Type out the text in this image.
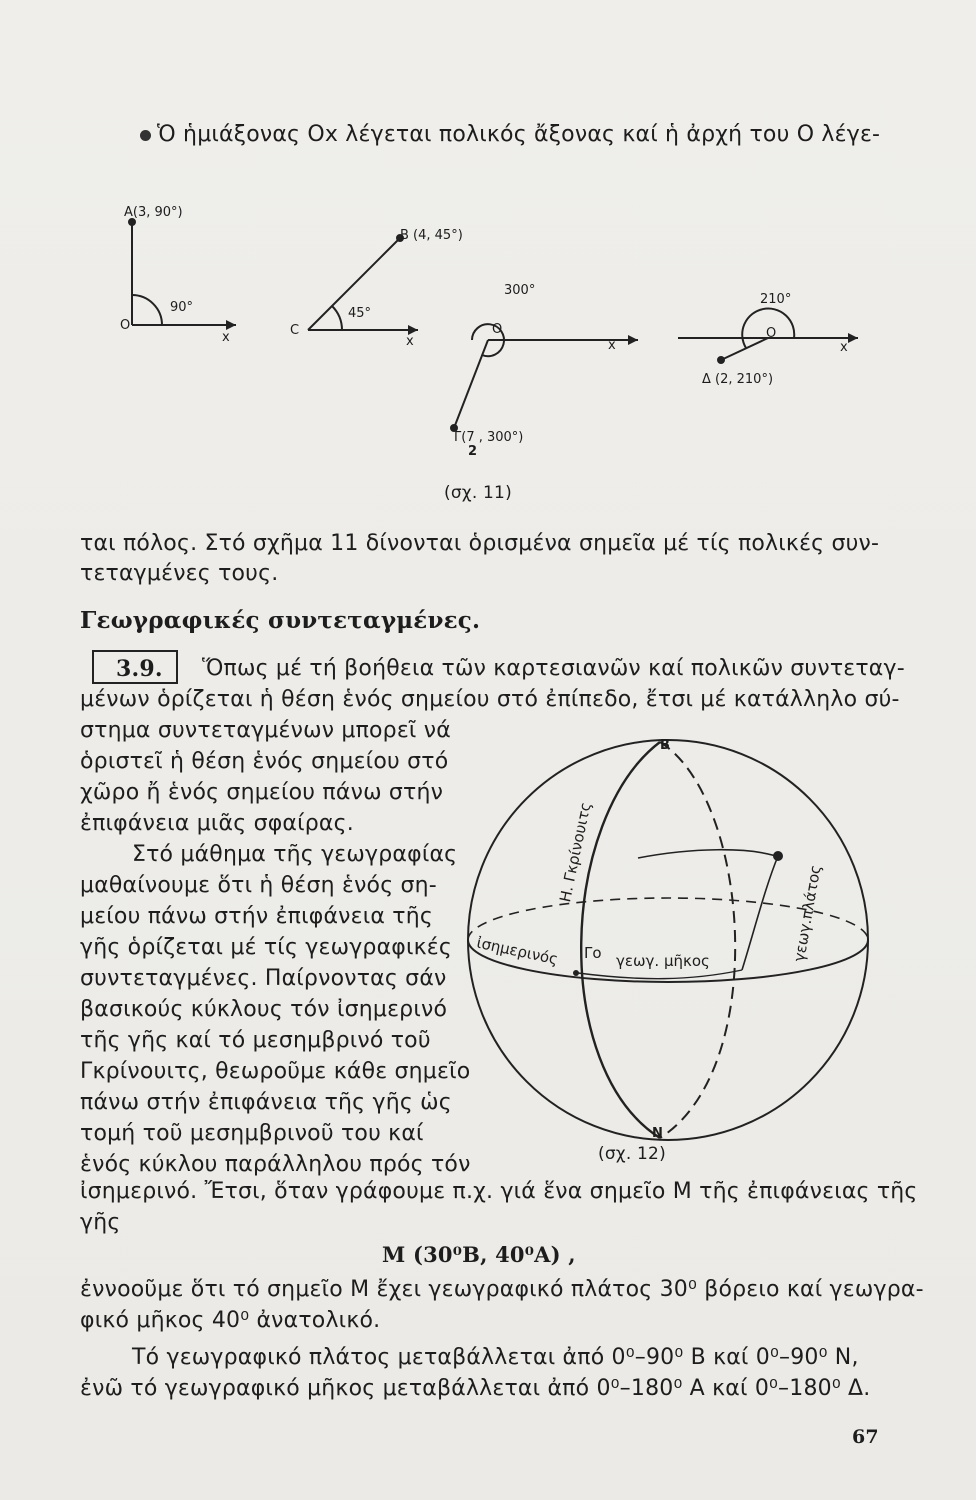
Ὁ ἡμιάξονας Ox λέγεται πολικός ἄξονας καί ἡ ἀρχή του O λέγε-
A(3, 90°)
90°
O
x
B (4, 45°)
45°
C
x
300°
O
x
Γ(7 , 300°)
2
210°
O
x
Δ (2, 210°)
(σχ. 11)
ται πόλος. Στό σχῆμα 11 δίνονται ὁρισμένα σημεῖα μέ τίς πολικές συν-
τεταγμένες τους.
Γεωγραφικές συντεταγμένες.
3.9. Ὅπως μέ τή βοήθεια τῶν καρτεσιανῶν καί πολικῶν συντεταγ-
μένων ὁρίζεται ἡ θέση ἑνός σημείου στό ἐπίπεδο, ἔτσι μέ κατάλληλο σύ-
στημα συντεταγμένων μπορεῖ νά
ὁριστεῖ ἡ θέση ἑνός σημείου στό
χῶρο ἤ ἑνός σημείου πάνω στήν
ἐπιφάνεια μιᾶς σφαίρας.
Στό μάθημα τῆς γεωγραφίας
μαθαίνουμε ὅτι ἡ θέση ἑνός ση-
μείου πάνω στήν ἐπιφάνεια τῆς
γῆς ὁρίζεται μέ τίς γεωγραφικές
συντεταγμένες. Παίρνοντας σάν
βασικούς κύκλους τόν ἰσημερινό
τῆς γῆς καί τό μεσημβρινό τοῦ
Γκρίνουιτς, θεωροῦμε κάθε σημεῖο
πάνω στήν ἐπιφάνεια τῆς γῆς ὡς
τομή τοῦ μεσημβρινοῦ του καί
ἑνός κύκλου παράλληλου πρός τόν
B
N
Η. Γκρίνουιτς
ἰσημερινός Γο γεωγ. μῆκος	γεωγ.πλάτος
(σχ. 12)
ἰσημερινό. Ἔτσι, ὅταν γράφουμε π.χ. γιά ἕνα σημεῖο M τῆς ἐπιφάνειας τῆς
γῆς
M (30⁰B, 40⁰A) ,
ἐννοοῦμε ὅτι τό σημεῖο M ἔχει γεωγραφικό πλάτος 30⁰ βόρειο καί γεωγρα-
φικό μῆκος 40⁰ ἀνατολικό.
Τό γεωγραφικό πλάτος μεταβάλλεται ἀπό 0⁰–90⁰ B καί 0⁰–90⁰ N,
ἐνῶ τό γεωγραφικό μῆκος μεταβάλλεται ἀπό 0⁰–180⁰ A καί 0⁰–180⁰ Δ.
67
